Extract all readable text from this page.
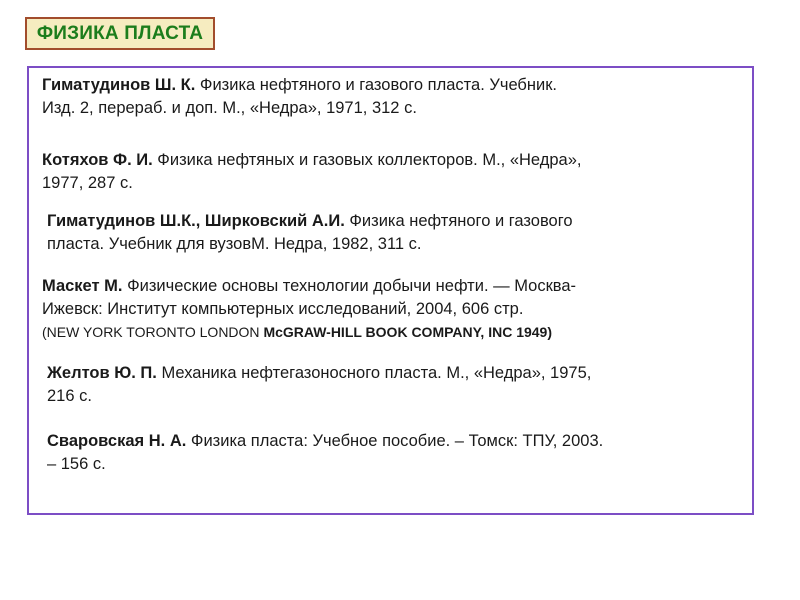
ФИЗИКА ПЛАСТА
Гиматудинов Ш. К. Физика нефтяного и газового пласта. Учебник.
Изд. 2, перераб. и доп. М., «Недра», 1971, 312 с.
Котяхов Ф. И. Физика нефтяных и газовых коллекторов. М., «Недра»,
1977, 287 с.
Гиматудинов Ш.К., Ширковский А.И. Физика нефтяного и газового
пласта. Учебник для вузовМ. Недра, 1982, 311 с.
Маскет М. Физические основы технологии добычи нефти. — Москва-
Ижевск: Институт компьютерных исследований, 2004, 606 стр.
(NEW YORK TORONTO LONDON McGRAW-HILL BOOK COMPANY, INC 1949)
Желтов Ю. П. Механика нефтегазоносного пласта. М., «Недра», 1975,
216 с.
Сваровская Н. А. Физика пласта: Учебное пособие. – Томск: ТПУ, 2003.
– 156 с.
